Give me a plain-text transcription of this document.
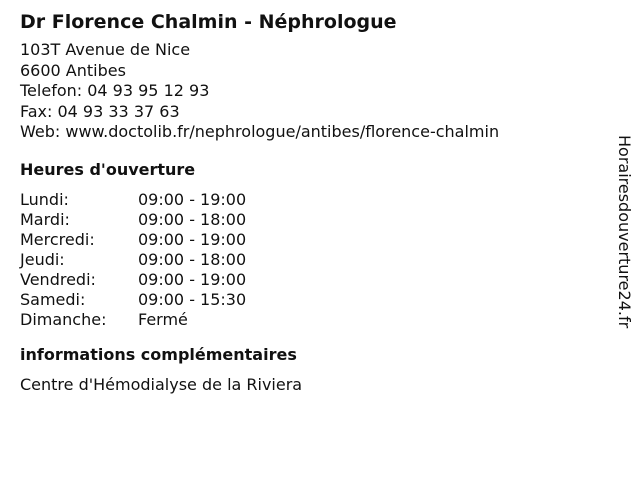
Dr Florence Chalmin - Néphrologue
103T Avenue de Nice
6600 Antibes
Telefon: 04 93 95 12 93
Fax: 04 93 33 37 63
Web: www.doctolib.fr/nephrologue/antibes/florence-chalmin
Heures d'ouverture
Lundi:	09:00 - 19:00
Mardi:	09:00 - 18:00
Mercredi:	09:00 - 19:00
Jeudi:	09:00 - 18:00
Vendredi:	09:00 - 19:00
Samedi:	09:00 - 15:30
Dimanche:	Fermé
informations complémentaires
Centre d'Hémodialyse de la Riviera
Horairesdouverture24.fr
